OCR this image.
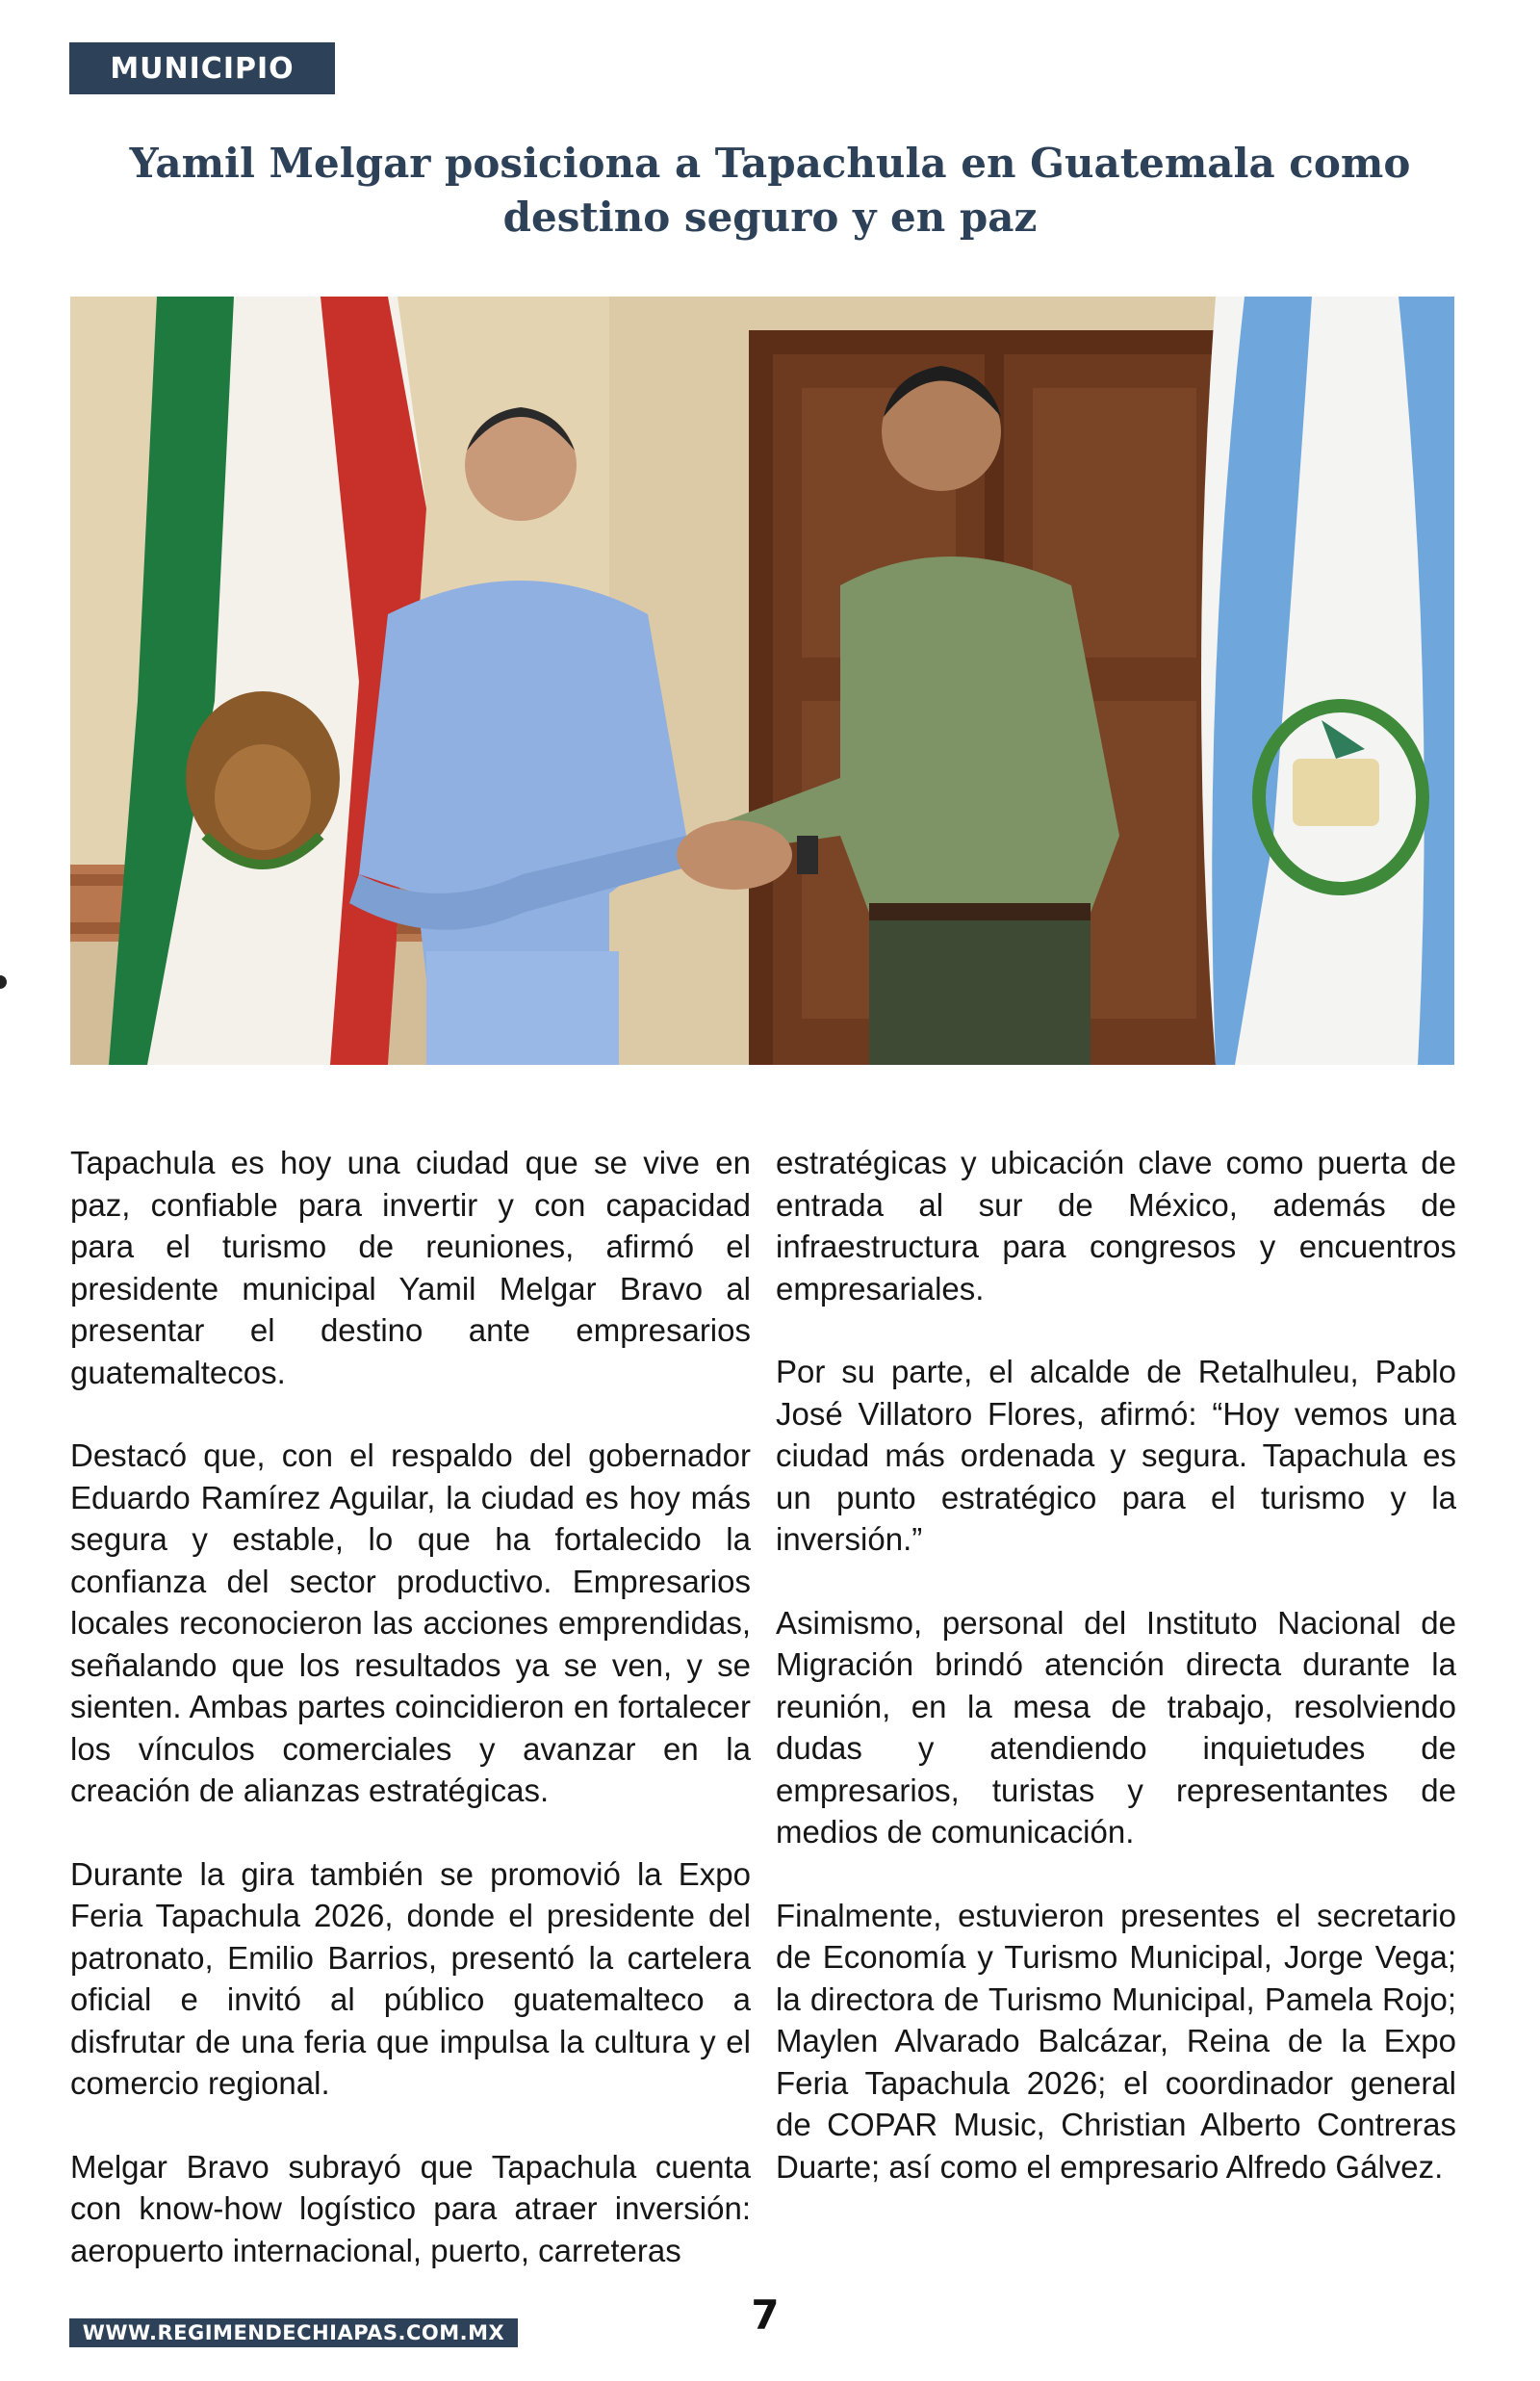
MUNICIPIO
Yamil Melgar posiciona a Tapachula en Guatemala como destino seguro y en paz

Tapachula es hoy una ciudad que se vive en paz, confiable para invertir y con capacidad para el turismo de reuniones, afirmó el presidente municipal Yamil Melgar Bravo al presentar el destino ante empresarios guatemaltecos.

Destacó que, con el respaldo del gobernador Eduardo Ramírez Aguilar, la ciudad es hoy más segura y estable, lo que ha fortalecido la confianza del sector productivo. Empresarios locales reconocieron las acciones emprendidas, señalando que los resultados ya se ven, y se sienten. Ambas partes coincidieron en fortalecer los vínculos comerciales y avanzar en la creación de alianzas estratégicas.

Durante la gira también se promovió la Expo Feria Tapachula 2026, donde el presidente del patronato, Emilio Barrios, presentó la cartelera oficial e invitó al público guatemalteco a disfrutar de una feria que impulsa la cultura y el comercio regional.

Melgar Bravo subrayó que Tapachula cuenta con know-how logístico para atraer inversión: aeropuerto internacional, puerto, carreteras

estratégicas y ubicación clave como puerta de entrada al sur de México, además de infraestructura para congresos y encuentros empresariales.

Por su parte, el alcalde de Retalhuleu, Pablo José Villatoro Flores, afirmó: “Hoy vemos una ciudad más ordenada y segura. Tapachula es un punto estratégico para el turismo y la inversión.”

Asimismo, personal del Instituto Nacional de Migración brindó atención directa durante la reunión, en la mesa de trabajo, resolviendo dudas y atendiendo inquietudes de empresarios, turistas y representantes de medios de comunicación.

Finalmente, estuvieron presentes el secretario de Economía y Turismo Municipal, Jorge Vega; la directora de Turismo Municipal, Pamela Rojo; Maylen Alvarado Balcázar, Reina de la Expo Feria Tapachula 2026; el coordinador general de COPAR Music, Christian Alberto Contreras Duarte; así como el empresario Alfredo Gálvez.

WWW.REGIMENDECHIAPAS.COM.MX	7
